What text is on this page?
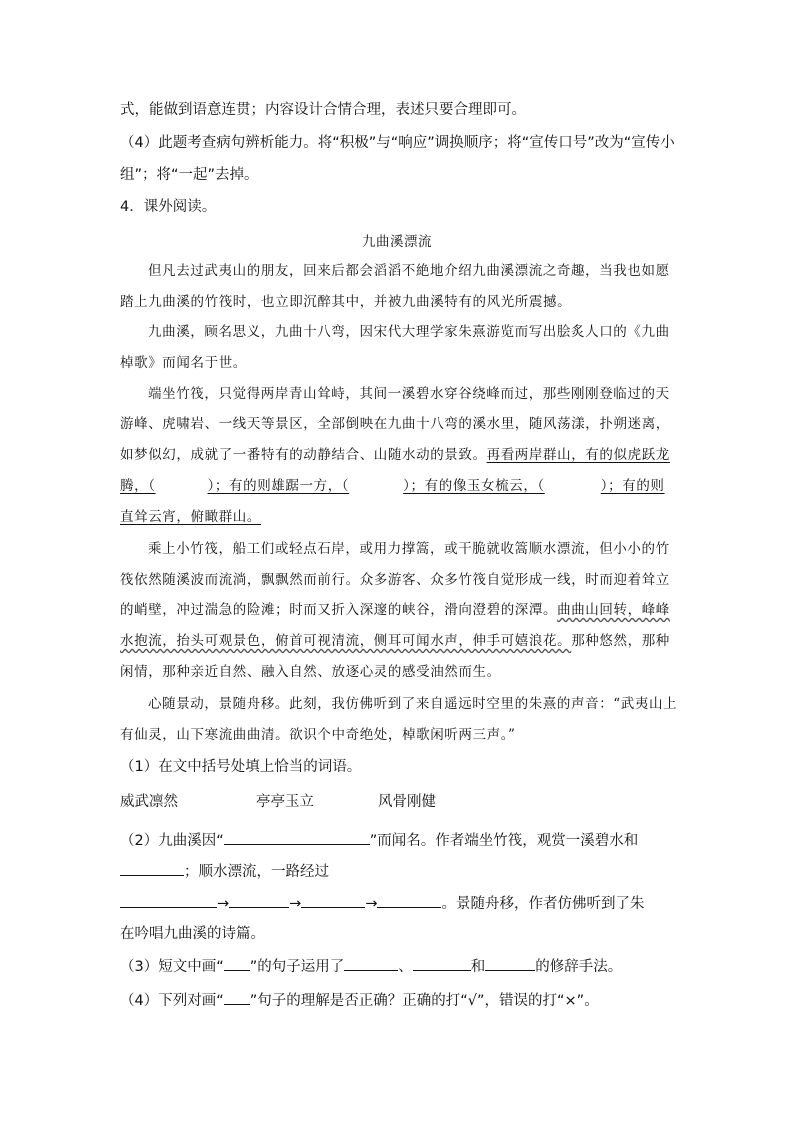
式，能做到语意连贯；内容设计合情合理，表述只要合理即可。
（4）此题考查病句辨析能力。将“积极”与“响应”调换顺序；将“宣传口号”改为“宣传小
组”；将“一起”去掉。
4．课外阅读。
九曲溪漂流
但凡去过武夷山的朋友，回来后都会滔滔不絶地介绍九曲溪漂流之奇趣，当我也如愿
踏上九曲溪的竹筏时，也立即沉醉其中，并被九曲溪特有的风光所震撼。
九曲溪，顾名思义，九曲十八弯，因宋代大理学家朱熹游览而写出脍炙人口的《九曲
棹歌》而闻名于世。
端坐竹筏，只觉得两岸青山耸峙，其间一溪碧水穿谷绕峰而过，那些刚刚登临过的天
游峰、虎啸岩、一线天等景区，全部倒映在九曲十八弯的溪水里，随风荡漾，扑朔迷离，
如梦似幻，成就了一番特有的动静结合、山随水动的景致。再看两岸群山，有的似虎跃龙
腾，（	）；有的则雄踞一方，（	）；有的像玉女梳云，（	）；有的则
直耸云宵，俯瞰群山。
乘上小竹筏，船工们或轻点石岸，或用力撑篙，或干脆就收篙顺水漂流，但小小的竹
筏依然随溪波而流淌，飘飘然而前行。众多游客、众多竹筏自觉形成一线，时而迎着耸立
的峭壁，冲过湍急的险滩；时而又折入深邃的峡谷，滑向澄碧的深潭。曲曲山回转，峰峰
水抱流，抬头可观景色，俯首可视清流，侧耳可闻水声，伸手可嬉浪花。那种悠然，那种
闲情，那种亲近自然、融入自然、放逐心灵的感受油然而生。
心随景动，景随舟移。此刻，我仿佛听到了来自遥远时空里的朱熹的声音：“武夷山上
有仙灵，山下寒流曲曲清。欲识个中奇绝处，棹歌闲听两三声。”
（1）在文中括号处填上恰当的词语。
威武凛然	亭亭玉立	风骨刚健
（2）九曲溪因“	”而闻名。作者端坐竹筏，观赏一溪碧水和
；顺水漂流，一路经过
→	→	→	。景随舟移，作者仿佛听到了朱
在吟唱九曲溪的诗篇。
（3）短文中画“ ”的句子运用了	、	和	的修辞手法。
（4）下列对画“ ”句子的理解是否正确？正确的打“√”，错误的打“×”。
